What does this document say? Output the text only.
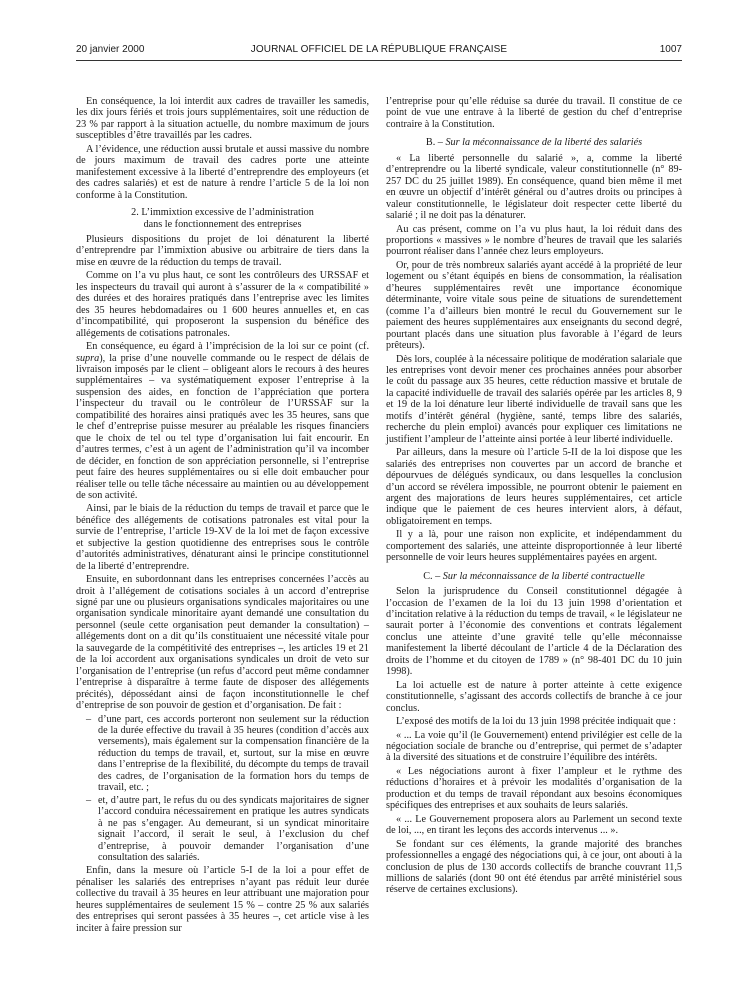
20 janvier 2000	JOURNAL OFFICIEL DE LA RÉPUBLIQUE FRANÇAISE	1007

En conséquence, la loi interdit aux cadres de travailler les samedis, les dix jours fériés et trois jours supplémentaires, soit une réduction de 23 % par rapport à la situation actuelle, du nombre maximum de jours susceptibles d’être travaillés par les cadres.

A l’évidence, une réduction aussi brutale et aussi massive du nombre de jours maximum de travail des cadres porte une atteinte manifestement excessive à la liberté d’entreprendre des employeurs (et des cadres salariés) et est de nature à rendre l’article 5 de la loi non conforme à la Constitution.

2. L’immixtion excessive de l’administration
dans le fonctionnement des entreprises

Plusieurs dispositions du projet de loi dénaturent la liberté d’entreprendre par l’immixtion abusive ou arbitraire de tiers dans la mise en œuvre de la réduction du temps de travail.

Comme on l’a vu plus haut, ce sont les contrôleurs des URSSAF et les inspecteurs du travail qui auront à s’assurer de la « compatibilité » des durées et des horaires pratiqués dans l’entreprise avec les limites des 35 heures hebdomadaires ou 1 600 heures annuelles et, en cas d’incompatibilité, qui proposeront la suspension du bénéfice des allégements de cotisations patronales.

En conséquence, eu égard à l’imprécision de la loi sur ce point (cf. supra), la prise d’une nouvelle commande ou le respect de délais de livraison imposés par le client – obligeant alors le recours à des heures supplémentaires – va systématiquement exposer l’entreprise à la suspension des aides, en fonction de l’appréciation que portera l’inspecteur du travail ou le contrôleur de l’URSSAF sur la compatibilité des horaires ainsi pratiqués avec les 35 heures, sans que le chef d’entreprise puisse mesurer au préalable les risques financiers que le choix de tel ou tel type d’organisation lui fait encourir. En d’autres termes, c’est à un agent de l’administration qu’il va incomber de décider, en fonction de son appréciation personnelle, si l’entreprise peut faire des heures supplémentaires ou si elle doit embaucher pour réaliser telle ou telle tâche nécessaire au maintien ou au développement de son activité.

Ainsi, par le biais de la réduction du temps de travail et parce que le bénéfice des allégements de cotisations patronales est vital pour la survie de l’entreprise, l’article 19-XV de la loi met de façon excessive et subjective la gestion quotidienne des entreprises sous le contrôle d’autorités administratives, dénaturant ainsi le principe constitutionnel de la liberté d’entreprendre.

Ensuite, en subordonnant dans les entreprises concernées l’accès au droit à l’allégement de cotisations sociales à un accord d’entreprise signé par une ou plusieurs organisations syndicales majoritaires ou une organisation syndicale minoritaire ayant demandé une consultation du personnel (seule cette organisation peut demander la consultation) – allégements dont on a dit qu’ils constituaient une nécessité vitale pour la sauvegarde de la compétitivité des entreprises –, les articles 19 et 21 de la loi accordent aux organisations syndicales un droit de veto sur l’organisation de l’entreprise (un refus d’accord peut même condamner l’entreprise à disparaître à terme faute de disposer des allégements précités), dépossédant ainsi de façon inconstitutionnelle le chef d’entreprise de son pouvoir de gestion et d’organisation. De fait :

– d’une part, ces accords porteront non seulement sur la réduction de la durée effective du travail à 35 heures (condition d’accès aux versements), mais également sur la compensation financière de la réduction du temps de travail, et, surtout, sur la mise en œuvre dans l’entreprise de la flexibilité, du décompte du temps de travail des cadres, de l’organisation de la formation hors du temps de travail, etc. ;
– et, d’autre part, le refus du ou des syndicats majoritaires de signer l’accord conduira nécessairement en pratique les autres syndicats à ne pas s’engager. Au demeurant, si un syndicat minoritaire signait l’accord, il serait le seul, à l’exclusion du chef d’entreprise, à pouvoir demander l’organisation d’une consultation des salariés.

Enfin, dans la mesure où l’article 5-I de la loi a pour effet de pénaliser les salariés des entreprises n’ayant pas réduit leur durée collective du travail à 35 heures en leur attribuant une majoration pour heures supplémentaires de seulement 15 % – contre 25 % aux salariés des entreprises qui seront passées à 35 heures –, cet article vise à les inciter à faire pression sur

l’entreprise pour qu’elle réduise sa durée du travail. Il constitue de ce point de vue une entrave à la liberté de gestion du chef d’entreprise contraire à la Constitution.

B. – Sur la méconnaissance de la liberté des salariés

« La liberté personnelle du salarié », a, comme la liberté d’entreprendre ou la liberté syndicale, valeur constitutionnelle (n° 89-257 DC du 25 juillet 1989). En conséquence, quand bien même il met en œuvre un objectif d’intérêt général ou d’autres droits ou principes à valeur constitutionnelle, le législateur doit respecter cette liberté du salarié ; il ne doit pas la dénaturer.

Au cas présent, comme on l’a vu plus haut, la loi réduit dans des proportions « massives » le nombre d’heures de travail que les salariés pourront réaliser dans l’année chez leurs employeurs.

Or, pour de très nombreux salariés ayant accédé à la propriété de leur logement ou s’étant équipés en biens de consommation, la réalisation d’heures supplémentaires revêt une importance économique déterminante, voire vitale sous peine de situations de surendettement (comme l’a d’ailleurs bien montré le recul du Gouvernement sur le paiement des heures supplémentaires aux enseignants du second degré, pourtant placés dans une situation plus favorable à l’égard de leurs prêteurs).

Dès lors, couplée à la nécessaire politique de modération salariale que les entreprises vont devoir mener ces prochaines années pour absorber le coût du passage aux 35 heures, cette réduction massive et brutale de la capacité individuelle de travail des salariés opérée par les articles 8, 9 et 19 de la loi dénature leur liberté individuelle de travail sans que les motifs d’intérêt général (hygiène, santé, temps libre des salariés, recherche du plein emploi) avancés pour expliquer ces limitations ne justifient l’ampleur de l’atteinte ainsi portée à leur liberté individuelle.

Par ailleurs, dans la mesure où l’article 5-II de la loi dispose que les salariés des entreprises non couvertes par un accord de branche et dépourvues de délégués syndicaux, ou dans lesquelles la conclusion d’un accord se révélera impossible, ne pourront obtenir le paiement en argent des majorations de leurs heures supplémentaires, cet article indique que le paiement de ces heures intervient alors, à défaut, obligatoirement en temps.

Il y a là, pour une raison non explicite, et indépendamment du comportement des salariés, une atteinte disproportionnée à leur liberté personnelle de voir leurs heures supplémentaires payées en argent.

C. – Sur la méconnaissance de la liberté contractuelle

Selon la jurisprudence du Conseil constitutionnel dégagée à l’occasion de l’examen de la loi du 13 juin 1998 d’orientation et d’incitation relative à la réduction du temps de travail, « le législateur ne saurait porter à l’économie des conventions et contrats légalement conclus une atteinte d’une gravité telle qu’elle méconnaisse manifestement la liberté découlant de l’article 4 de la Déclaration des droits de l’homme et du citoyen de 1789 » (n° 98-401 DC du 10 juin 1998).

La loi actuelle est de nature à porter atteinte à cette exigence constitutionnelle, s’agissant des accords collectifs de branche à ce jour conclus.

L’exposé des motifs de la loi du 13 juin 1998 précitée indiquait que :

« ... La voie qu’il (le Gouvernement) entend privilégier est celle de la négociation sociale de branche ou d’entreprise, qui permet de s’adapter à la diversité des situations et de construire l’équilibre des intérêts.

« Les négociations auront à fixer l’ampleur et le rythme des réductions d’horaires et à prévoir les modalités d’organisation de la production et du temps de travail répondant aux besoins économiques spécifiques des entreprises et aux souhaits de leurs salariés.

« ... Le Gouvernement proposera alors au Parlement un second texte de loi, ..., en tirant les leçons des accords intervenus ... ».

Se fondant sur ces éléments, la grande majorité des branches professionnelles a engagé des négociations qui, à ce jour, ont abouti à la conclusion de plus de 130 accords collectifs de branche couvrant 11,5 millions de salariés (dont 90 ont été étendus par arrêté ministériel sous réserve de certaines exclusions).
